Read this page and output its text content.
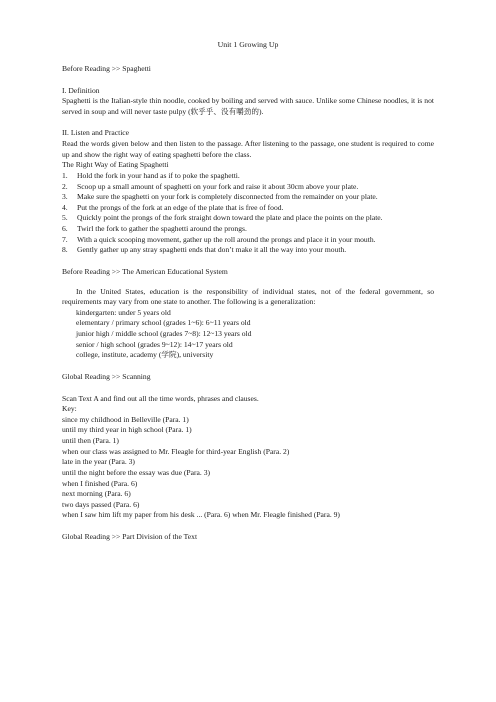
Unit 1 Growing Up

Before Reading >> Spaghetti

I. Definition

Spaghetti is the Italian-style thin noodle, cooked by boiling and served with sauce. Unlike some Chinese noodles, it is not served in soup and will never taste pulpy (软乎乎、没有嚼劲的).

II. Listen and Practice

Read the words given below and then listen to the passage. After listening to the passage, one student is required to come up and show the right way of eating spaghetti before the class.

The Right Way of Eating Spaghetti

1.	Hold the fork in your hand as if to poke the spaghetti.
2.	Scoop up a small amount of spaghetti on your fork and raise it about 30cm above your plate.
3.	Make sure the spaghetti on your fork is completely disconnected from the remainder on your plate.
4.	Put the prongs of the fork at an edge of the plate that is free of food.
5.	Quickly point the prongs of the fork straight down toward the plate and place the points on the plate.
6.	Twirl the fork to gather the spaghetti around the prongs.
7.	With a quick scooping movement, gather up the roll around the prongs and place it in your mouth.
8.	Gently gather up any stray spaghetti ends that don’t make it all the way into your mouth.

Before Reading >> The American Educational System

In the United States, education is the responsibility of individual states, not of the federal government, so requirements may vary from one state to another. The following is a generalization:

kindergarten: under 5 years old
elementary / primary school (grades 1~6): 6~11 years old
junior high / middle school (grades 7~8): 12~13 years old
senior / high school (grades 9~12): 14~17 years old
college, institute, academy (学院), university

Global Reading >> Scanning

Scan Text A and find out all the time words, phrases and clauses.

Key:

since my childhood in Belleville (Para. 1)
until my third year in high school (Para. 1)
until then (Para. 1)
when our class was assigned to Mr. Fleagle for third-year English (Para. 2)
late in the year (Para. 3)
until the night before the essay was due (Para. 3)
when I finished (Para. 6)
next morning (Para. 6)
two days passed (Para. 6)
when I saw him lift my paper from his desk ... (Para. 6) when Mr. Fleagle finished (Para. 9)

Global Reading >> Part Division of the Text
